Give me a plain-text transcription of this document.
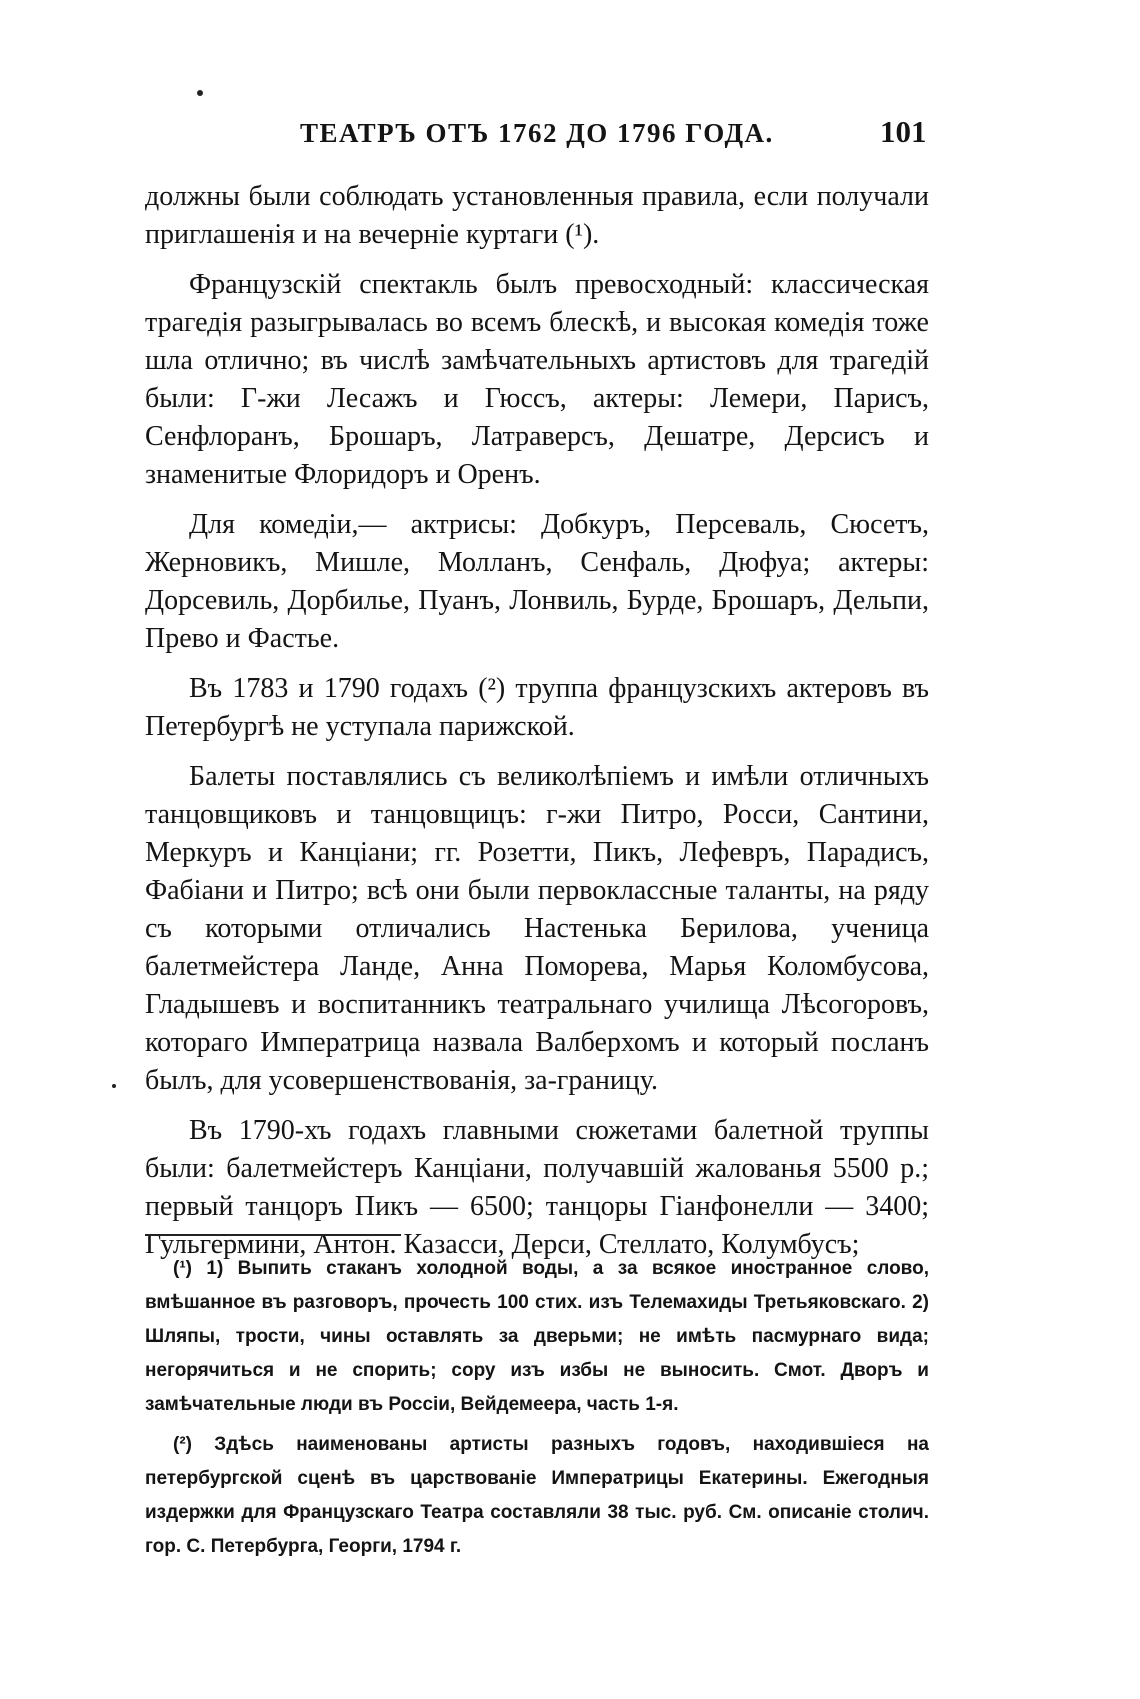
ТЕАТРЪ ОТЪ 1762 ДО 1796 ГОДА.	101

должны были соблюдать установленныя правила, если получали приглашенія и на вечерніе куртаги (¹).

Французскій спектакль былъ превосходный: классическая трагедія разыгрывалась во всемъ блескѣ, и высокая комедія тоже шла отлично; въ числѣ замѣчательныхъ артистовъ для трагедій были: Г-жи Лесажъ и Гюссъ, актеры: Лемери, Парисъ, Сенфлоранъ, Брошаръ, Латраверсъ, Дешатре, Дерсисъ и знаменитые Флоридоръ и Оренъ.

Для комедіи,— актрисы: Добкуръ, Персеваль, Сюсетъ, Жерновикъ, Мишле, Молланъ, Сенфаль, Дюфуа; актеры: Дорсевиль, Дорбилье, Пуанъ, Лонвиль, Бурде, Брошаръ, Дельпи, Прево и Фастье.

Въ 1783 и 1790 годахъ (²) труппа французскихъ актеровъ въ Петербургѣ не уступала парижской.

Балеты поставлялись съ великолѣпіемъ и имѣли отличныхъ танцовщиковъ и танцовщицъ: г-жи Питро, Росси, Сантини, Меркуръ и Канціани; гг. Розетти, Пикъ, Лефевръ, Парадисъ, Фабіани и Питро; всѣ они были первоклассные таланты, на ряду съ которыми отличались Настенька Берилова, ученица балетмейстера Ланде, Анна Поморева, Марья Коломбусова, Гладышевъ и воспитанникъ театральнаго училища Лѣсогоровъ, котораго Императрица назвала Валберхомъ и который посланъ былъ, для усовершенствованія, за-границу.

Въ 1790-хъ годахъ главными сюжетами балетной труппы были: балетмейстеръ Канціани, получавшій жалованья 5500 р.; первый танцоръ Пикъ — 6500; танцоры Гіанфонелли — 3400; Гульгермини, Антон. Казасси, Дерси, Стеллато, Колумбусъ;

(¹) 1) Выпить стаканъ холодной воды, а за всякое иностранное слово, вмѣшанное въ разговоръ, прочесть 100 стих. изъ Телемахиды Третьяковскаго. 2) Шляпы, трости, чины оставлять за дверьми; не имѣть пасмурнаго вида; негорячиться и не спорить; сору изъ избы не выносить. Смот. Дворъ и замѣчательные люди въ Россіи, Вейдемеера, часть 1-я.

(²) Здѣсь наименованы артисты разныхъ годовъ, находившіеся на петербургской сценѣ въ царствованіе Императрицы Екатерины. Ежегодныя издержки для Французскаго Театра составляли 38 тыс. руб. См. описаніе столич. гор. С. Петербурга, Георги, 1794 г.
